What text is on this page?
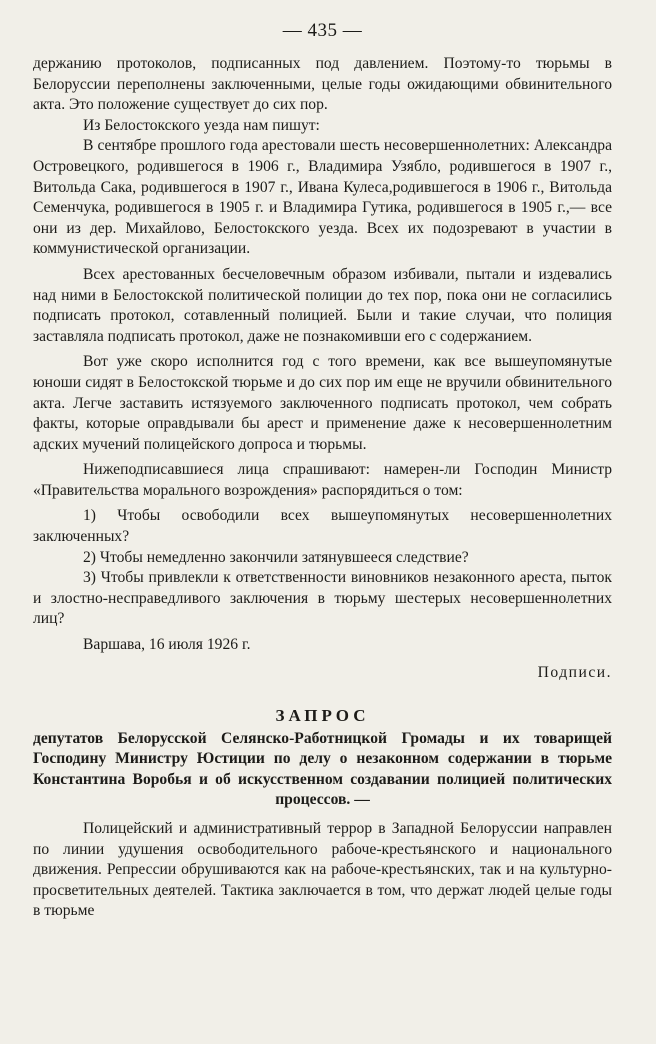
— 435 —

держанию протоколов, подписанных под давлением. Поэтому-то тюрьмы в Белоруссии переполнены заключенными, целые годы ожидающими обвинительного акта. Это положение существует до сих пор.

Из Белостокского уезда нам пишут:

В сентябре прошлого года арестовали шесть несовершеннолетних: Александра Островецкого, родившегося в 1906 г., Владимира Узябло, родившегося в 1907 г., Витольда Сака, родившегося в 1907 г., Ивана Кулеса,родившегося в 1906 г., Витольда Семенчука, родившегося в 1905 г. и Владимира Гутика, родившегося в 1905 г.,— все они из дер. Михайлово, Белостокского уезда. Всех их подозревают в участии в коммунистической организации.

Всех арестованных бесчеловечным образом избивали, пытали и издевались над ними в Белостокской политической полиции до тех пор, пока они не согласились подписать протокол, сотавленный полицией. Были и такие случаи, что полиция заставляла подписать протокол, даже не познакомивши его с содержанием.

Вот уже скоро исполнится год с того времени, как все вышеупомянутые юноши сидят в Белостокской тюрьме и до сих пор им еще не вручили обвинительного акта. Легче заставить истязуемого заключенного подписать протокол, чем собрать факты, которые оправдывали бы арест и применение даже к несовершеннолетним адских мучений полицейского допроса и тюрьмы.

Нижеподписавшиеся лица спрашивают: намерен-ли Господин Министр «Правительства морального возрождения» распорядиться о том:

1) Чтобы освободили всех вышеупомянутых несовершеннолетних заключенных?

2) Чтобы немедленно закончили затянувшееся следствие?

3) Чтобы привлекли к ответственности виновников незаконного ареста, пыток и злостно-несправедливого заключения в тюрьму шестерых несовершеннолетних лиц?

Варшава, 16 июля 1926 г.

Подписи.
ЗАПРОС

депутатов Белорусской Селянско-Работницкой Громады и их товарищей Господину Министру Юстиции по делу о незаконном содержании в тюрьме Константина Воробья и об искусственном создавании полицией политических процессов. —

Полицейский и административный террор в Западной Белоруссии направлен по линии удушения освободительного рабоче-крестьянского и национального движения. Репрессии обрушиваются как на рабоче-крестьянских, так и на культурно-просветительных деятелей. Тактика заключается в том, что держат людей целые годы в тюрьме
